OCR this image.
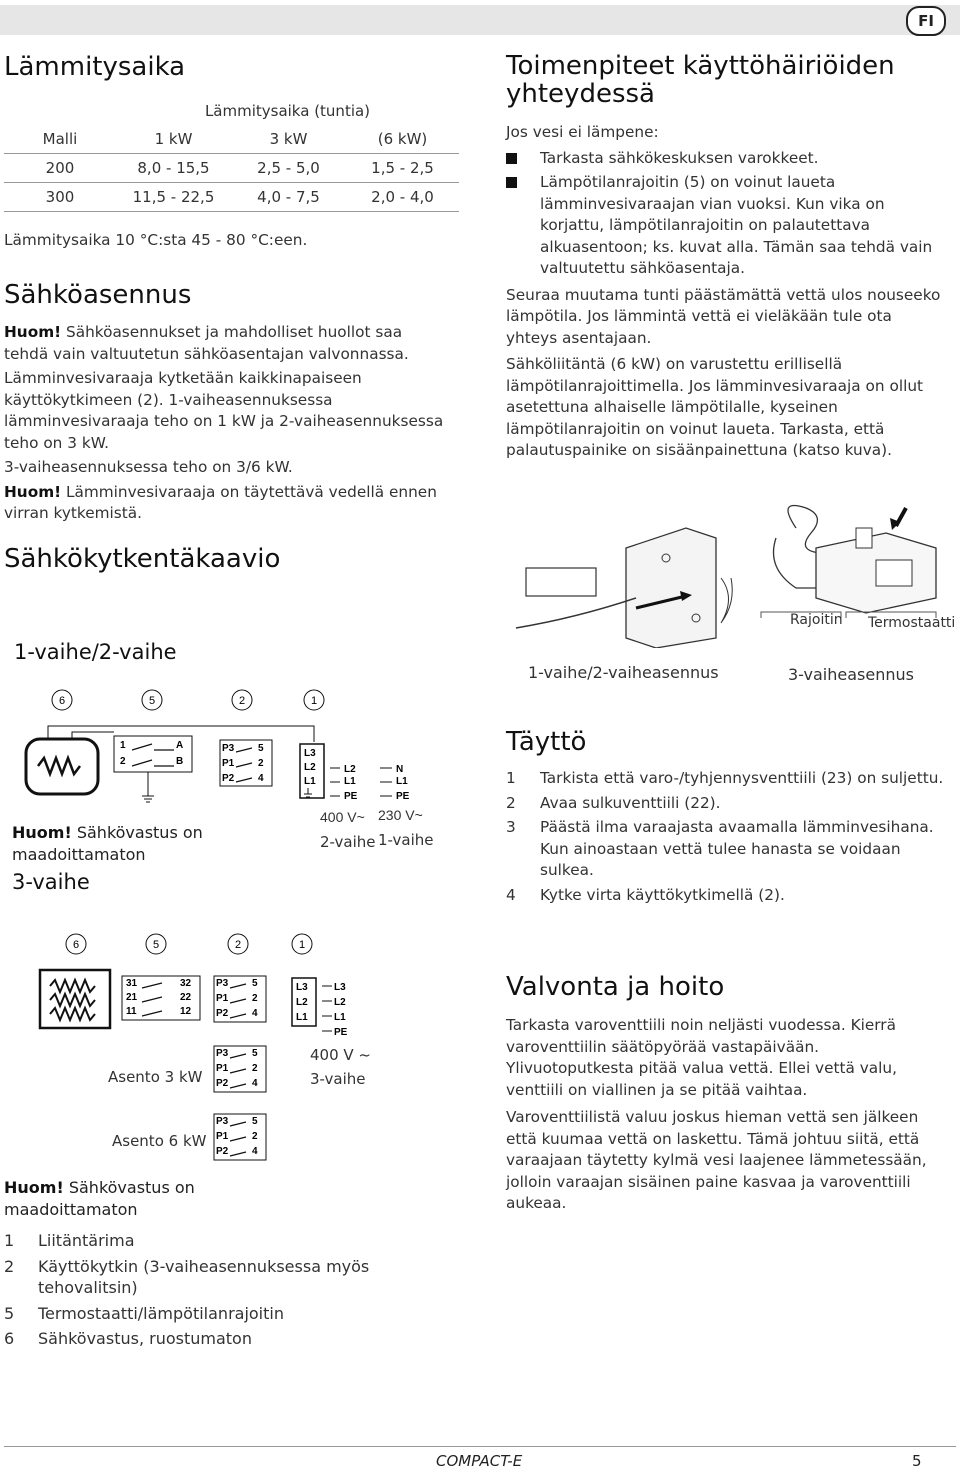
FI
Lämmitysaika
	Lämmitysaika (tuntia)		
Malli	1 kW	3 kW	(6 kW)
200	8,0 - 15,5	2,5 - 5,0	1,5 - 2,5
300	11,5 - 22,5	4,0 - 7,5	2,0 - 4,0
Lämmitysaika 10 °C:sta 45 - 80 °C:een.
Sähköasennus
Huom! Sähköasennukset ja mahdolliset huollot saa tehdä vain valtuutetun sähköasentajan valvonnassa.
Lämminvesivaraaja kytketään kaikkinapaiseen käyttökytkimeen (2). 1-vaiheasennuksessa lämminvesivaraaja teho on 1 kW ja 2-vaiheasennuksessa teho on 3 kW.
3-vaiheasennuksessa teho on 3/6 kW.
Huom! Lämminvesivaraaja on täytettävä vedellä ennen virran kytkemistä.
Sähkökytkentäkaavio
1-vaihe/2-vaihe
6	5	2	1
1
2
A
B
P3
P1
P2
5
2
4
L3
L2
L1
L2
L1
PE
N
L1
PE
400 V~ 230 V~
2-vaihe 1-vaihe
Huom! Sähkövastus on maadoittamaton
3-vaihe
6	5	2	1
31
21
11
32
22
12
P3
P1
P2
5
2
4
P3
P1
P2
5
2
4
P3
P1
P2
5
2
4
L3
L2
L1
L3
L2
L1
PE
400 V ~
3-vaihe
Asento 3 kW
Asento 6 kW
Huom! Sähkövastus on maadoittamaton
1 Liitäntärima
2 Käyttökytkin (3-vaiheasennuksessa myös tehovalitsin)
5 Termostaatti/lämpötilanrajoitin
6 Sähkövastus, ruostumaton
Toimenpiteet käyttöhäiriöiden yhteydessä
Jos vesi ei lämpene:
Tarkasta sähkökeskuksen varokkeet.
Lämpötilanrajoitin (5) on voinut laueta lämminvesivaraajan vian vuoksi. Kun vika on korjattu, lämpötilanrajoitin on palautettava alkuasentoon; ks. kuvat alla. Tämän saa tehdä vain valtuutettu sähköasentaja.
Seuraa muutama tunti päästämättä vettä ulos nouseeko lämpötila. Jos lämmintä vettä ei vieläkään tule ota yhteys asentajaan.
Sähköliitäntä (6 kW) on varustettu erillisellä lämpötilanrajoittimella. Jos lämminvesivaraaja on ollut asetettuna alhaiselle lämpötilalle, kyseinen lämpötilanrajoitin on voinut laueta. Tarkasta, että palautuspainike on sisäänpainettuna (katso kuva).
Rajoitin Termostaatti
1-vaihe/2-vaiheasennus	3-vaiheasennus
Täyttö
1 Tarkista että varo-/tyhjennysventtiili (23) on suljettu.
2 Avaa sulkuventtiili (22).
3 Päästä ilma varaajasta avaamalla lämminvesihana. Kun ainoastaan vettä tulee hanasta se voidaan sulkea.
4 Kytke virta käyttökytkimellä (2).
Valvonta ja hoito
Tarkasta varoventtiili noin neljästi vuodessa. Kierrä varoventtiilin säätöpyörää vastapäivään. Ylivuotoputkesta pitää valua vettä. Ellei vettä valu, venttiili on viallinen ja se pitää vaihtaa.
Varoventtiilistä valuu joskus hieman vettä sen jälkeen että kuumaa vettä on laskettu. Tämä johtuu siitä, että varaajaan täytetty kylmä vesi laajenee lämmetessään, jolloin varaajan sisäinen paine kasvaa ja varoventtiili aukeaa.
COMPACT-E	5
